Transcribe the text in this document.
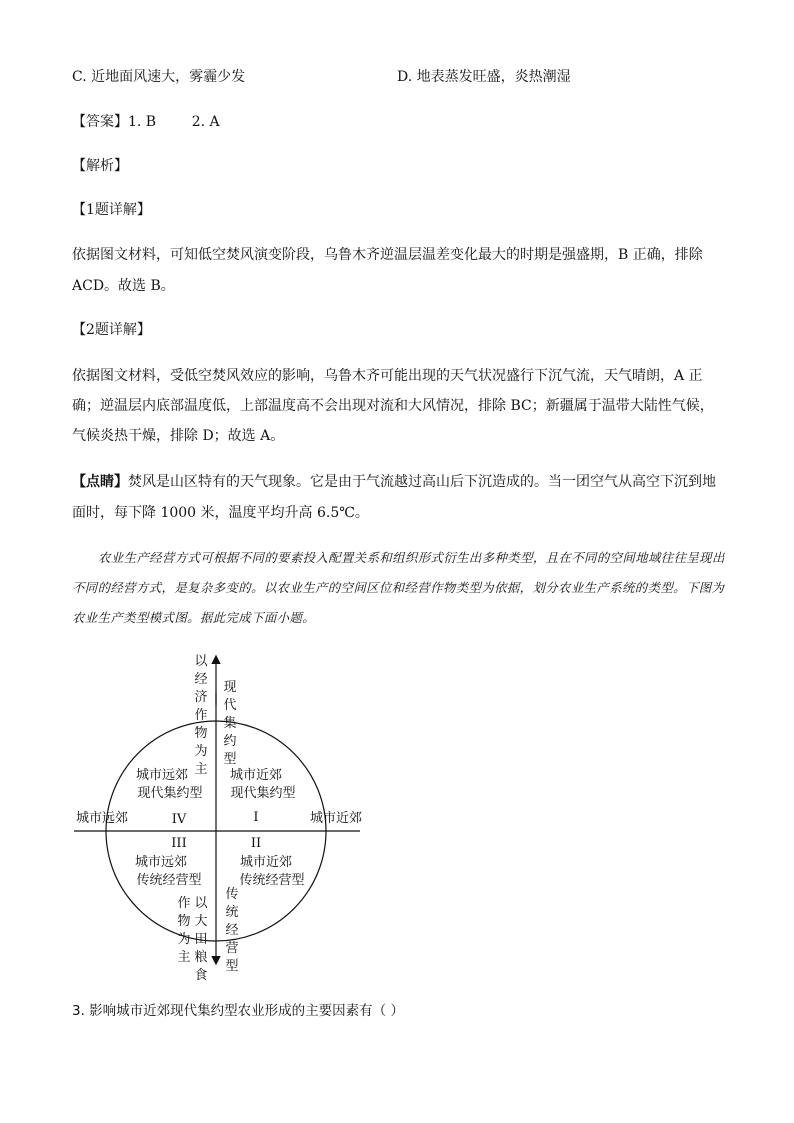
C. 近地面风速大，雾霾少发	D. 地表蒸发旺盛，炎热潮湿
【答案】1. B        2. A
【解析】
【1题详解】
依据图文材料，可知低空焚风演变阶段，乌鲁木齐逆温层温差变化最大的时期是强盛期，B 正确，排除
ACD。故选 B。
【2题详解】
依据图文材料，受低空焚风效应的影响，乌鲁木齐可能出现的天气状况盛行下沉气流，天气晴朗，A 正
确；逆温层内底部温度低，上部温度高不会出现对流和大风情况，排除 BC；新疆属于温带大陆性气候，
气候炎热干燥，排除 D；故选 A。
【点睛】焚风是山区特有的天气现象。它是由于气流越过高山后下沉造成的。当一团空气从高空下沉到地
面时，每下降 1000 米，温度平均升高 6.5℃。
农业生产经营方式可根据不同的要素投入配置关系和组织形式衍生出多种类型，且在不同的空间地域往往呈现出不同的经营方式，是复杂多变的。以农业生产的空间区位和经营作物类型为依据，划分农业生产系统的类型。下图为农业生产类型模式图。据此完成下面小题。
以
经
济
作
物
为
主
现
代
集
约
型
传
统
经
营
型
作
物
为
主
以
大
田
粮
食
城市远郊	城市近郊
IV	I
III	II
城市远郊
现代集约型
城市近郊
现代集约型
城市远郊
传统经营型
城市近郊
传统经营型
3. 影响城市近郊现代集约型农业形成的主要因素有（ ）
